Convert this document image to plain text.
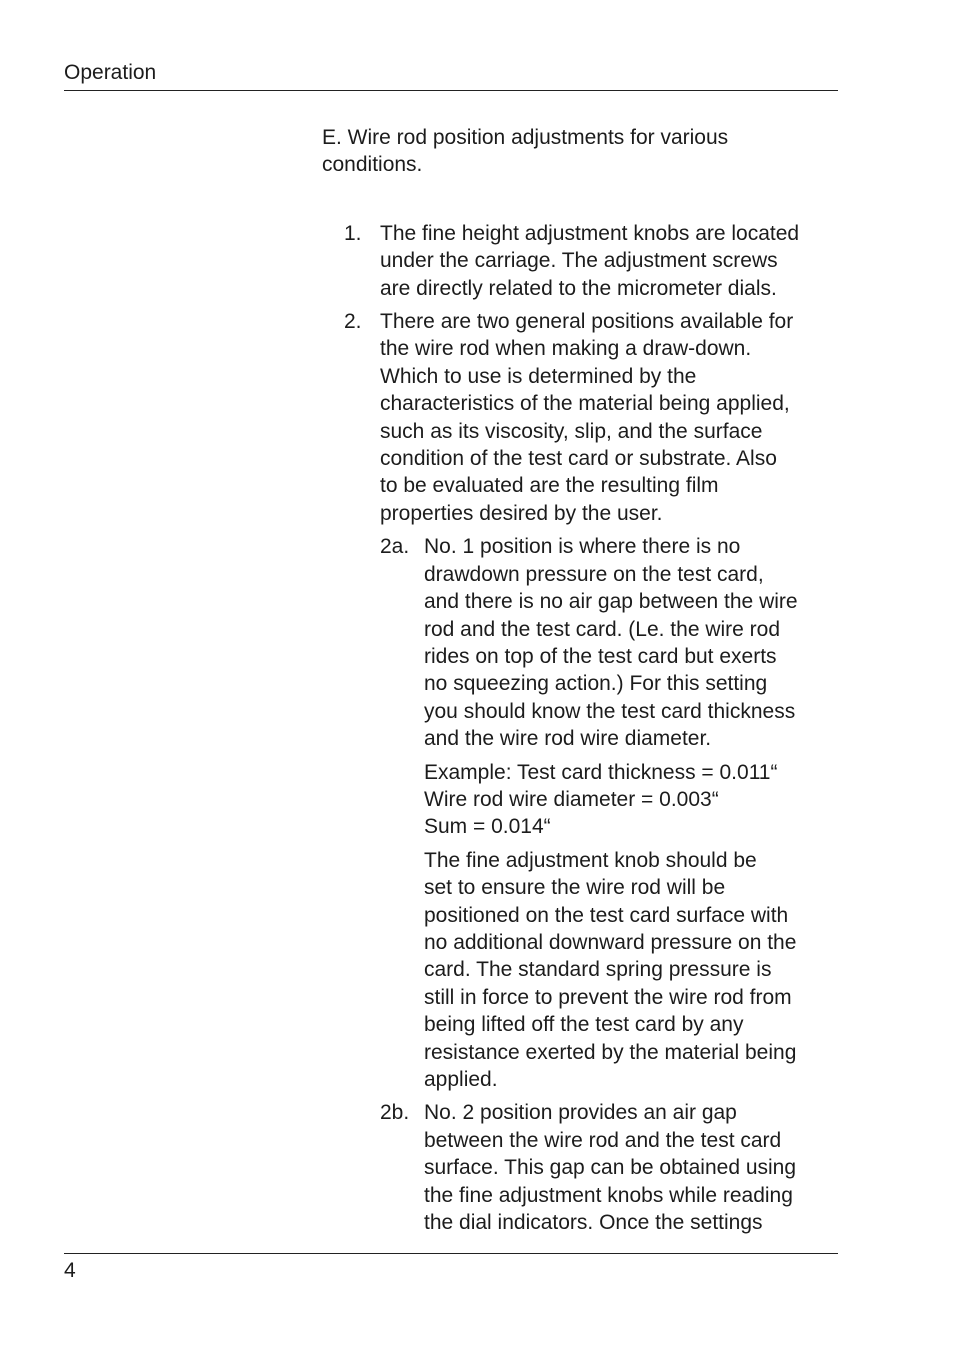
Operation

E. Wire rod position adjustments for various
conditions.

1. The fine height adjustment knobs are located
under the carriage. The adjustment screws
are directly related to the micrometer dials.

2. There are two general positions available for
the wire rod when making a draw-down.
Which to use is determined by the
characteristics of the material being applied,
such as its viscosity, slip, and the surface
condition of the test card or substrate. Also
to be evaluated are the resulting film
properties desired by the user.

2a. No. 1 position is where there is no
drawdown pressure on the test card,
and there is no air gap between the wire
rod and the test card. (Le. the wire rod
rides on top of the test card but exerts
no squeezing action.) For this setting
you should know the test card thickness
and the wire rod wire diameter.

Example: Test card thickness = 0.011“
Wire rod wire diameter = 0.003“
Sum = 0.014“

The fine adjustment knob should be
set to ensure the wire rod will be
positioned on the test card surface with
no additional downward pressure on the
card. The standard spring pressure is
still in force to prevent the wire rod from
being lifted off the test card by any
resistance exerted by the material being
applied.

2b. No. 2 position provides an air gap
between the wire rod and the test card
surface. This gap can be obtained using
the fine adjustment knobs while reading
the dial indicators. Once the settings

4
